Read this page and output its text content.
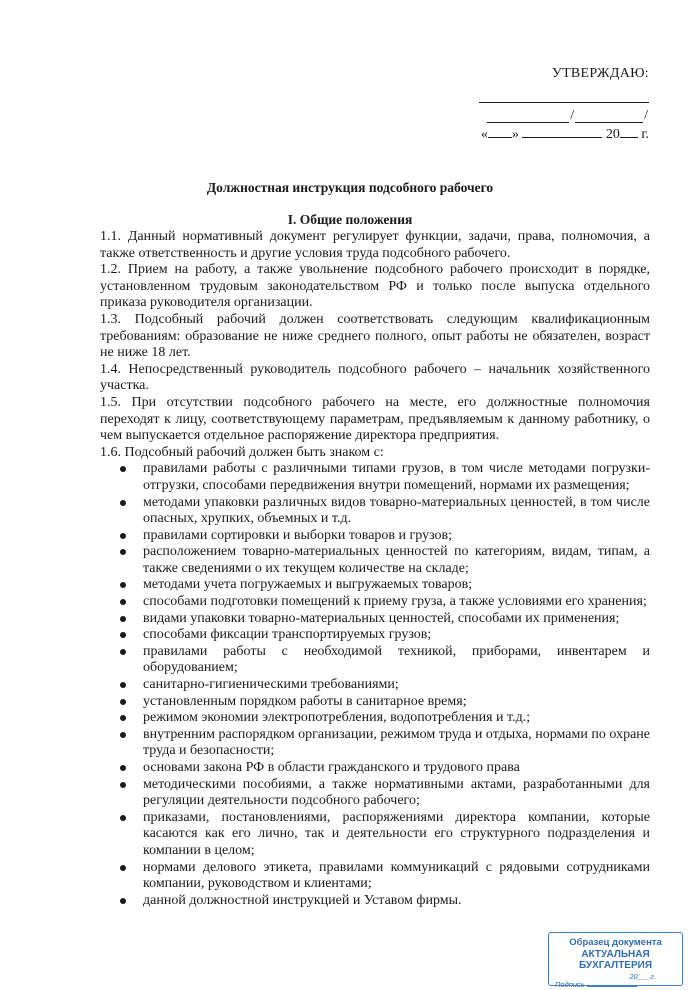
УТВЕРЖДАЮ:
/	/
« »	20 г.
Должностная инструкция подсобного рабочего
I. Общие положения

1.1. Данный нормативный документ регулирует функции, задачи, права, полномочия, а также ответственность и другие условия труда подсобного рабочего.

1.2. Прием на работу, а также увольнение подсобного рабочего происходит в порядке, установленном трудовым законодательством РФ и только после выпуска отдельного приказа руководителя организации.

1.3. Подсобный рабочий должен соответствовать следующим квалификационным требованиям: образование не ниже среднего полного, опыт работы не обязателен, возраст не ниже 18 лет.

1.4. Непосредственный руководитель подсобного рабочего – начальник хозяйственного участка.

1.5. При отсутствии подсобного рабочего на месте, его должностные полномочия переходят к лицу, соответствующему параметрам, предъявляемым к данному работнику, о чем выпускается отдельное распоряжение директора предприятия.

1.6. Подсобный рабочий должен быть знаком с:

правилами работы с различными типами грузов, в том числе методами погрузки-отгрузки, способами передвижения внутри помещений, нормами их размещения;
методами упаковки различных видов товарно-материальных ценностей, в том числе опасных, хрупких, объемных и т.д.
правилами сортировки и выборки товаров и грузов;
расположением товарно-материальных ценностей по категориям, видам, типам, а также сведениями о их текущем количестве на складе;
методами учета погружаемых и выгружаемых товаров;
способами подготовки помещений к приему груза, а также условиями его хранения;
видами упаковки товарно-материальных ценностей, способами их применения;
способами фиксации транспортируемых грузов;
правилами работы с необходимой техникой, приборами, инвентарем и оборудованием;
санитарно-гигиеническими требованиями;
установленным порядком работы в санитарное время;
режимом экономии электропотребления, водопотребления и т.д.;
внутренним распорядком организации, режимом труда и отдыха, нормами по охране труда и безопасности;
основами закона РФ в области гражданского и трудового права
методическими пособиями, а также нормативными актами, разработанными для регуляции деятельности подсобного рабочего;
приказами, постановлениями, распоряжениями директора компании, которые касаются как его лично, так и деятельности его структурного подразделения и компании в целом;
нормами делового этикета, правилами коммуникаций с рядовыми сотрудниками компании, руководством и клиентами;
данной должностной инструкцией и Уставом фирмы.
Образец документа
АКТУАЛЬНАЯ БУХГАЛТЕРИЯ
20___г.
Подпись
